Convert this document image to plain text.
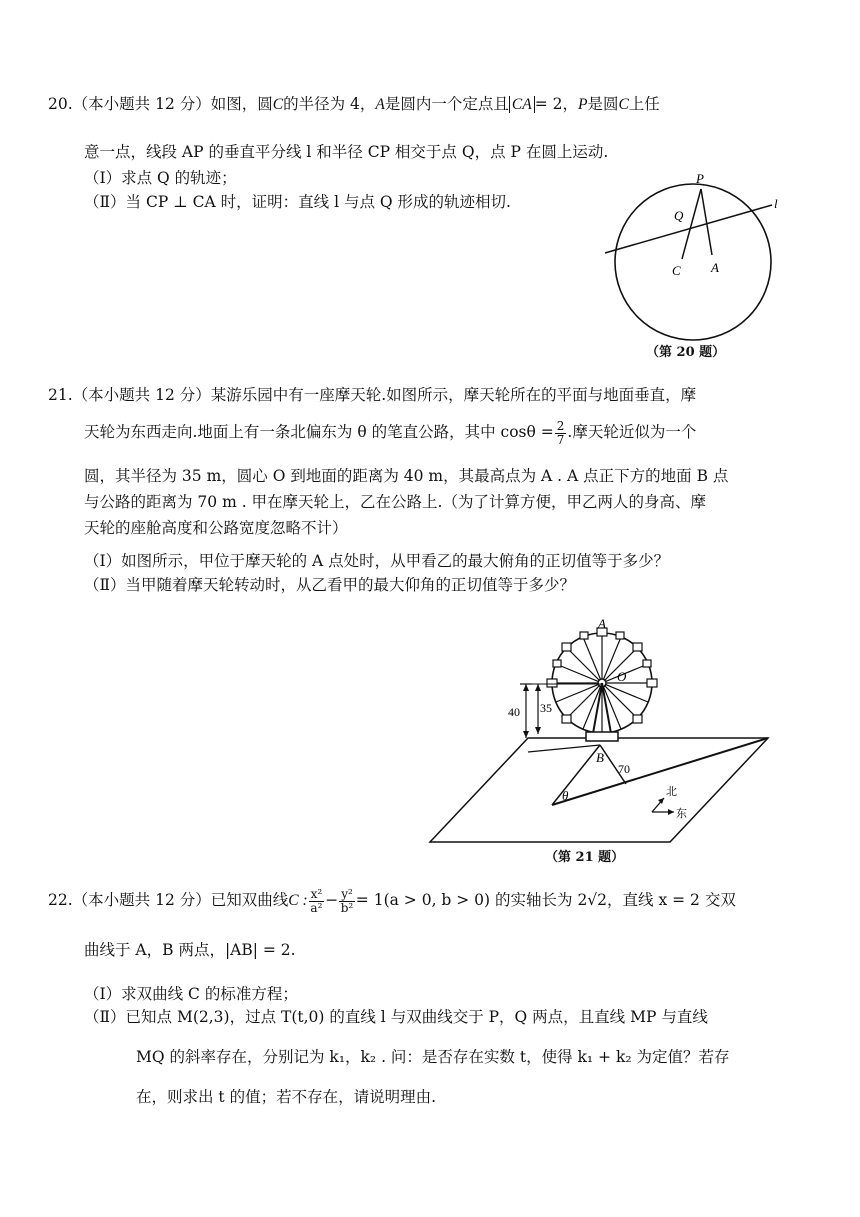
20.（本小题共 12 分）如图，圆C的半径为 4，A是圆内一个定点且 CA = 2，P是圆C上任
意一点，线段 AP 的垂直平分线 l 和半径 CP 相交于点 Q，点 P 在圆上运动.
（Ⅰ）求点 Q 的轨迹；
（Ⅱ）当 CP ⊥ CA 时，证明：直线 l 与点 Q 形成的轨迹相切.
P
Q
l
C A
（第 20 题）
21.（本小题共 12 分）某游乐园中有一座摩天轮.如图所示，摩天轮所在的平面与地面垂直，摩
天轮为东西走向.地面上有一条北偏东为 θ 的笔直公路，其中 $\cos\theta = \frac{2}{7}$ .摩天轮近似为一个
圆，其半径为 35 m，圆心 O 到地面的距离为 40 m，其最高点为 A . A 点正下方的地面 B 点
与公路的距离为 70 m . 甲在摩天轮上，乙在公路上.（为了计算方便，甲乙两人的身高、摩
天轮的座舱高度和公路宽度忽略不计）
（Ⅰ）如图所示，甲位于摩天轮的 A 点处时，从甲看乙的最大俯角的正切值等于多少？
（Ⅱ）当甲随着摩天轮转动时，从乙看甲的最大仰角的正切值等于多少？
A
O
40 35
B
70
θ	北
东
（第 21 题）
22.（本小题共 12 分）已知双曲线C : $\frac{\text{x²}}{\text{a²}} - \frac{\text{y²}}{\text{b²}} = 1(a > 0$, b > 0) 的实轴长为 2√2，直线 x = 2 交双
曲线于 A，B 两点，|AB| = 2.
（Ⅰ）求双曲线 C 的标准方程；
（Ⅱ）已知点 M(2,3)，过点 T(t,0) 的直线 l 与双曲线交于 P，Q 两点，且直线 MP 与直线
MQ 的斜率存在，分别记为 k₁，k₂ . 问：是否存在实数 t，使得 k₁ + k₂ 为定值？若存
在，则求出 t 的值；若不存在，请说明理由.
